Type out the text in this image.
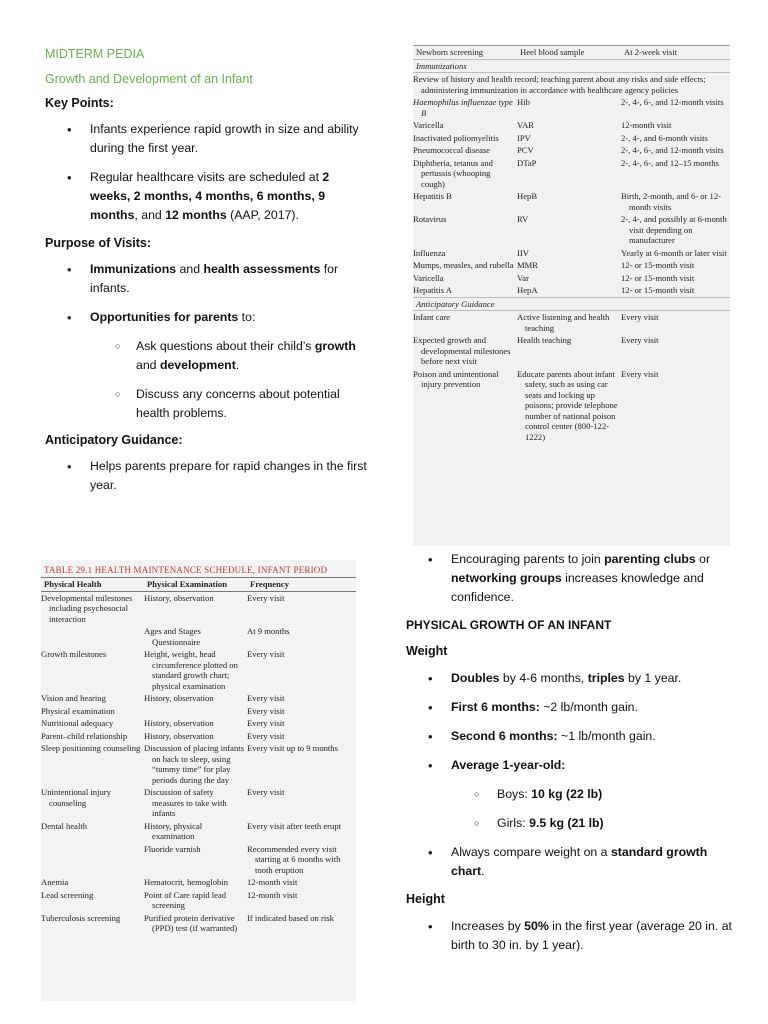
MIDTERM PEDIA

Growth and Development of an Infant

Key Points:

• Infants experience rapid growth in size and ability during the first year.
• Regular healthcare visits are scheduled at 2 weeks, 2 months, 4 months, 6 months, 9 months, and 12 months (AAP, 2017).

Purpose of Visits:

• Immunizations and health assessments for infants.
• Opportunities for parents to:
○ Ask questions about their child’s growth and development.
○ Discuss any concerns about potential health problems.

Anticipatory Guidance:

• Helps parents prepare for rapid changes in the first year.
TABLE 29.1 HEALTH MAINTENANCE SCHEDULE, INFANT PERIOD
Physical Health	Physical Examination	Frequency
Developmental milestones including psychosocial interaction	History, observation	Every visit
	Ages and Stages Questionnaire	At 9 months
Growth milestones	Height, weight, head circumference plotted on standard growth chart; physical examination	Every visit
Vision and hearing	History, observation	Every visit
Physical examination		Every visit
Nutritional adequacy	History, observation	Every visit
Parent–child relationship	History, observation	Every visit
Sleep positioning counseling	Discussion of placing infants on back to sleep, using “tummy time” for play periods during the day	Every visit up to 9 months
Unintentional injury counseling	Discussion of safety measures to take with infants	Every visit
Dental health	History, physical examination	Every visit after teeth erupt
	Fluoride varnish	Recommended every visit starting at 6 months with tooth eruption
Anemia	Hematocrit, hemoglobin	12-month visit
Lead screening	Point of Care rapid lead screening	12-month visit
Tuberculosis screening	Purified protein derivative (PPD) test (if warranted)	If indicated based on risk
Newborn screening	Heel blood sample	At 2-week visit
Immunizations
Review of history and health record; teaching parent about any risks and side effects; administering immunization in accordance with healthcare agency policies
Haemophilus influenzae type B	Hib	2-, 4-, 6-, and 12-month visits
Varicella	VAR	12-month visit
Inactivated poliomyelitis	IPV	2-, 4-, and 6-month visits
Pneumococcal disease	PCV	2-, 4-, 6-, and 12-month visits
Diphtheria, tetanus and pertussis (whooping cough)	DTaP	2-, 4-, 6-, and 12–15 months
Hepatitis B	HepB	Birth, 2-month, and 6- or 12-month visits
Rotavirus	RV	2-, 4-, and possibly at 6-month visit depending on manufacturer
Influenza	IIV	Yearly at 6-month or later visit
Mumps, measles, and rubella	MMR	12- or 15-month visit
Varicella	Var	12- or 15-month visit
Hepatitis A	HepA	12- or 15-month visit
Anticipatory Guidance		
Infant care	Active listening and health teaching	Every visit
Expected growth and developmental milestones before next visit	Health teaching	Every visit
Poison and unintentional injury prevention	Educate parents about infant safety, such as using car seats and locking up poisons; provide telephone number of national poison control center (800-122-1222)	Every visit
• Encouraging parents to join parenting clubs or networking groups increases knowledge and confidence.

PHYSICAL GROWTH OF AN INFANT

Weight

• Doubles by 4-6 months, triples by 1 year.
• First 6 months: ~2 lb/month gain.
• Second 6 months: ~1 lb/month gain.
• Average 1-year-old:
○ Boys: 10 kg (22 lb)
○ Girls: 9.5 kg (21 lb)
• Always compare weight on a standard growth chart.

Height

• Increases by 50% in the first year (average 20 in. at birth to 30 in. by 1 year).
